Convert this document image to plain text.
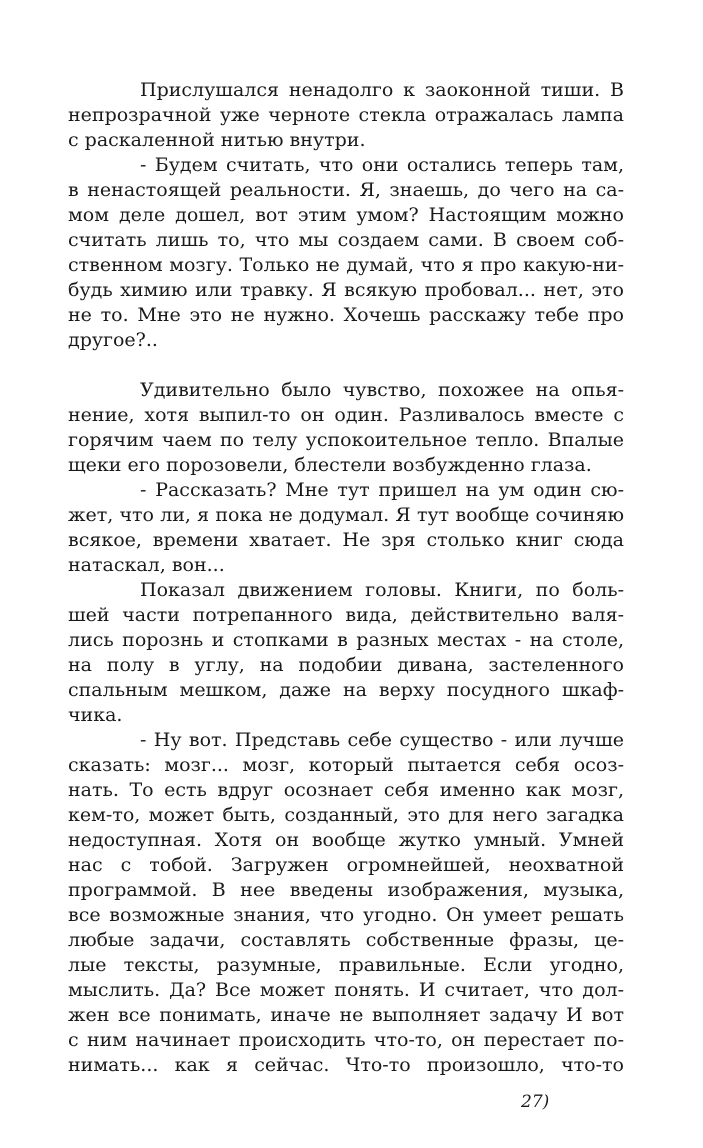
Прислушался ненадолго к заоконной тиши. В
непрозрачной уже черноте стекла отражалась лампа
с раскаленной нитью внутри.
- Будем считать, что они остались теперь там,
в ненастоящей реальности. Я, знаешь, до чего на са-
мом деле дошел, вот этим умом? Настоящим можно
считать лишь то, что мы создаем сами. В своем соб-
ственном мозгу. Только не думай, что я про какую-ни-
будь химию или травку. Я всякую пробовал... нет, это
не то. Мне это не нужно. Хочешь расскажу тебе про
другое?..
Удивительно было чувство, похожее на опья-
нение, хотя выпил-то он один. Разливалось вместе с
горячим чаем по телу успокоительное тепло. Впалые
щеки его порозовели, блестели возбужденно глаза.
- Рассказать? Мне тут пришел на ум один сю-
жет, что ли, я пока не додумал. Я тут вообще сочиняю
всякое, времени хватает. Не зря столько книг сюда
натаскал, вон...
Показал движением головы. Книги, по боль-
шей части потрепанного вида, действительно валя-
лись порознь и стопками в разных местах - на столе,
на полу в углу, на подобии дивана, застеленного
спальным мешком, даже на верху посудного шкаф-
чика.
- Ну вот. Представь себе существо - или лучше
сказать: мозг... мозг, который пытается себя осоз-
нать. То есть вдруг осознает себя именно как мозг,
кем-то, может быть, созданный, это для него загадка
недоступная. Хотя он вообще жутко умный. Умней
нас с тобой. Загружен огромнейшей, неохватной
программой. В нее введены изображения, музыка,
все возможные знания, что угодно. Он умеет решать
любые задачи, составлять собственные фразы, це-
лые тексты, разумные, правильные. Если угодно,
мыслить. Да? Все может понять. И считает, что дол-
жен все понимать, иначе не выполняет задачу И вот
с ним начинает происходить что-то, он перестает по-
нимать... как я сейчас. Что-то произошло, что-то
27)
